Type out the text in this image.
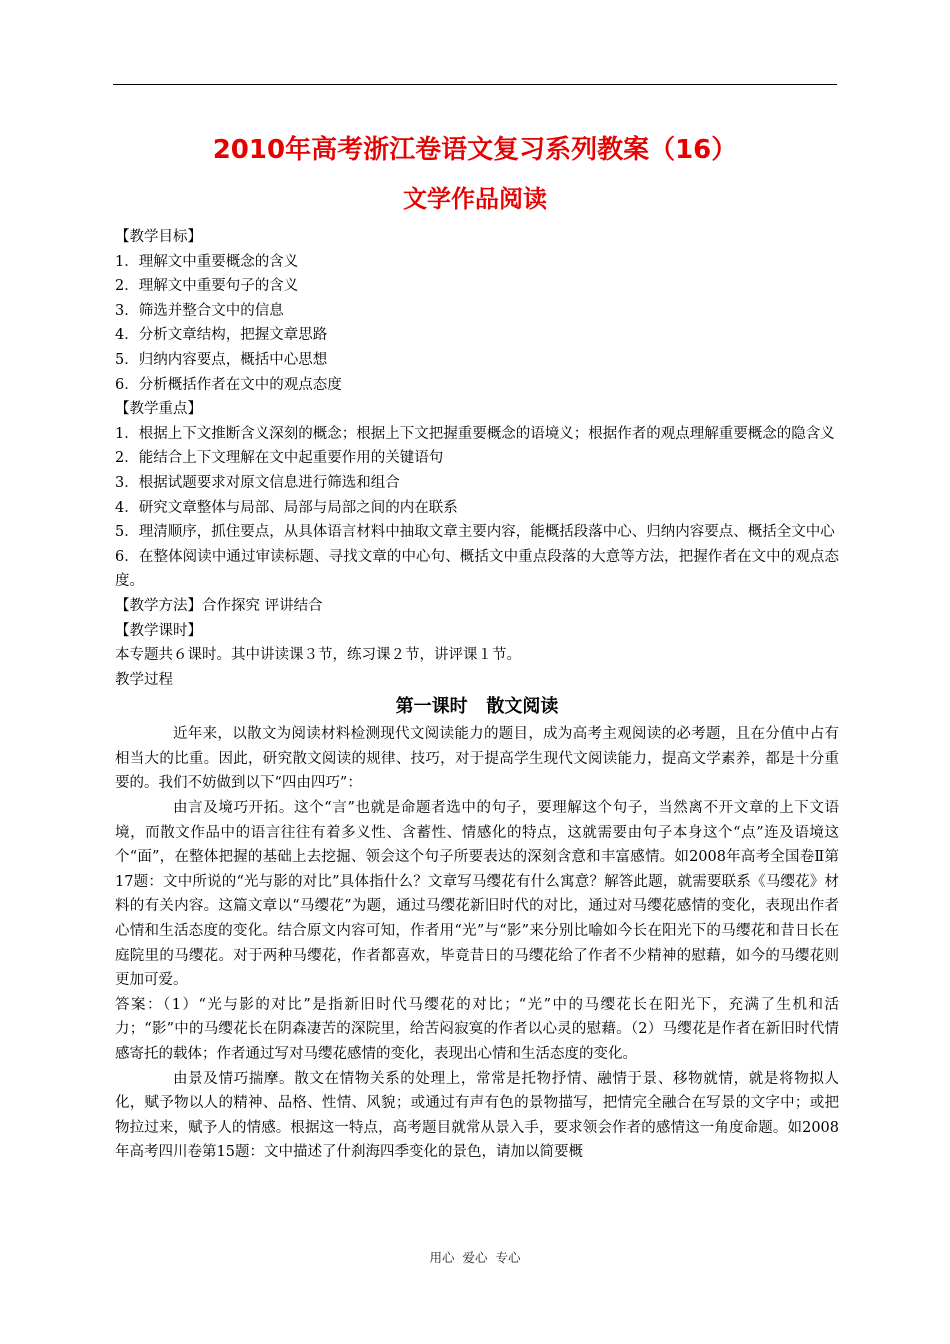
2010年高考浙江卷语文复习系列教案（16）
文学作品阅读

【教学目标】

1．理解文中重要概念的含义

2．理解文中重要句子的含义

3．筛选并整合文中的信息

4．分析文章结构，把握文章思路

5．归纳内容要点，概括中心思想

6．分析概括作者在文中的观点态度

【教学重点】

1．根据上下文推断含义深刻的概念；根据上下文把握重要概念的语境义；根据作者的观点理解重要概念的隐含义

2．能结合上下文理解在文中起重要作用的关键语句

3．根据试题要求对原文信息进行筛选和组合

4．研究文章整体与局部、局部与局部之间的内在联系

5．理清顺序，抓住要点，从具体语言材料中抽取文章主要内容，能概括段落中心、归纳内容要点、概括全文中心

6．在整体阅读中通过审读标题、寻找文章的中心句、概括文中重点段落的大意等方法，把握作者在文中的观点态度。

【教学方法】合作探究 评讲结合

【教学课时】

本专题共６课时。其中讲读课３节，练习课２节，讲评课１节。

教学过程

第一课时   散文阅读

近年来，以散文为阅读材料检测现代文阅读能力的题目，成为高考主观阅读的必考题，且在分值中占有相当大的比重。因此，研究散文阅读的规律、技巧，对于提高学生现代文阅读能力，提高文学素养，都是十分重要的。我们不妨做到以下“四由四巧”：

由言及境巧开拓。这个“言”也就是命题者选中的句子，要理解这个句子，当然离不开文章的上下文语境，而散文作品中的语言往往有着多义性、含蓄性、情感化的特点，这就需要由句子本身这个“点”连及语境这个“面”，在整体把握的基础上去挖掘、领会这个句子所要表达的深刻含意和丰富感情。如2008年高考全国卷Ⅱ第17题：文中所说的“光与影的对比”具体指什么？文章写马缨花有什么寓意？解答此题，就需要联系《马缨花》材料的有关内容。这篇文章以“马缨花”为题，通过马缨花新旧时代的对比，通过对马缨花感情的变化，表现出作者心情和生活态度的变化。结合原文内容可知，作者用“光”与“影”来分别比喻如今长在阳光下的马缨花和昔日长在庭院里的马缨花。对于两种马缨花，作者都喜欢，毕竟昔日的马缨花给了作者不少精神的慰藉，如今的马缨花则更加可爱。

答案：（1）“光与影的对比”是指新旧时代马缨花的对比；“光”中的马缨花长在阳光下，充满了生机和活力；“影”中的马缨花长在阴森凄苦的深院里，给苦闷寂寞的作者以心灵的慰藉。（2）马缨花是作者在新旧时代情感寄托的载体；作者通过写对马缨花感情的变化，表现出心情和生活态度的变化。

由景及情巧揣摩。散文在情物关系的处理上，常常是托物抒情、融情于景、移物就情，就是将物拟人化，赋予物以人的精神、品格、性情、风貌；或通过有声有色的景物描写，把情完全融合在写景的文字中；或把物拉过来，赋予人的情感。根据这一特点，高考题目就常从景入手，要求领会作者的感情这一角度命题。如2008年高考四川卷第15题：文中描述了什刹海四季变化的景色，请加以简要概

用心  爱心  专心
